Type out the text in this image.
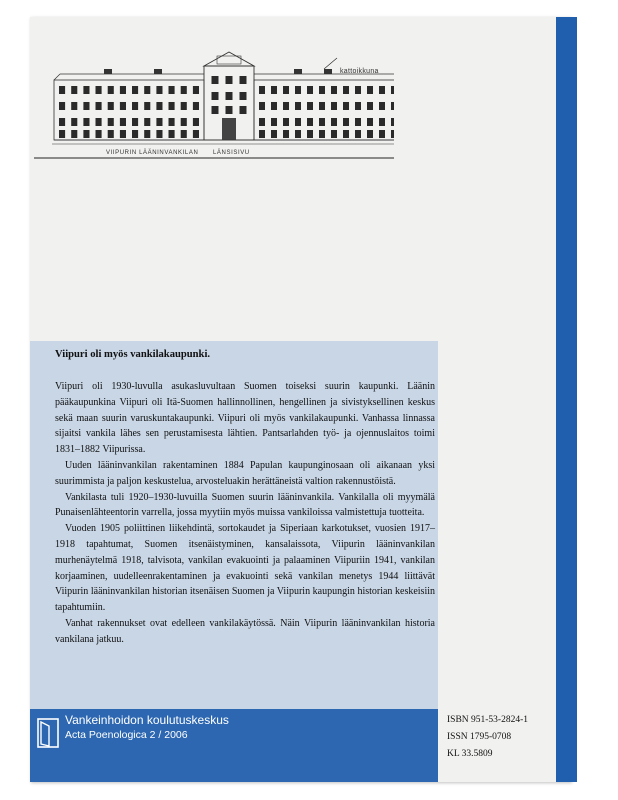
kattoikkuna
VIIPURIN LÄÄNINVANKILAN LÄNSISIVU
Viipuri oli myös vankilakaupunki.

Viipuri oli 1930-luvulla asukasluvultaan Suomen toiseksi suurin kaupunki. Läänin pääkaupunkina Viipuri oli Itä-Suomen hallinnollinen, hengellinen ja sivistyksellinen keskus sekä maan suurin varuskuntakaupunki. Viipuri oli myös vankilakaupunki. Vanhassa linnassa sijaitsi vankila lähes sen perustamisesta lähtien. Pantsarlahden työ- ja ojennuslaitos toimi 1831–1882 Viipurissa.

Uuden lääninvankilan rakentaminen 1884 Papulan kaupunginosaan oli aikanaan yksi suurimmista ja paljon keskustelua, arvosteluakin herättäneistä valtion rakennustöistä.

Vankilasta tuli 1920–1930-luvuilla Suomen suurin lääninvankila. Vankilalla oli myymälä Punaisenlähteentorin varrella, jossa myytiin myös muissa vankiloissa valmistettuja tuotteita.

Vuoden 1905 poliittinen liikehdintä, sortokaudet ja Siperiaan karkotukset, vuosien 1917–1918 tapahtumat, Suomen itsenäistyminen, kansalaissota, Viipurin lääninvankilan murhenäytelmä 1918, talvisota, vankilan evakuointi ja palaaminen Viipuriin 1941, vankilan korjaaminen, uudelleenrakentaminen ja evakuointi sekä vankilan menetys 1944 liittävät Viipurin lääninvankilan historian itsenäisen Suomen ja Viipurin kaupungin historian keskeisiin tapahtumiin.

Vanhat rakennukset ovat edelleen vankilakäytössä. Näin Viipurin lääninvankilan historia vankilana jatkuu.

Vankeinhoidon koulutuskeskus
Acta Poenologica 2 / 2006
ISBN 951-53-2824-1
ISSN 1795-0708
KL 33.5809
